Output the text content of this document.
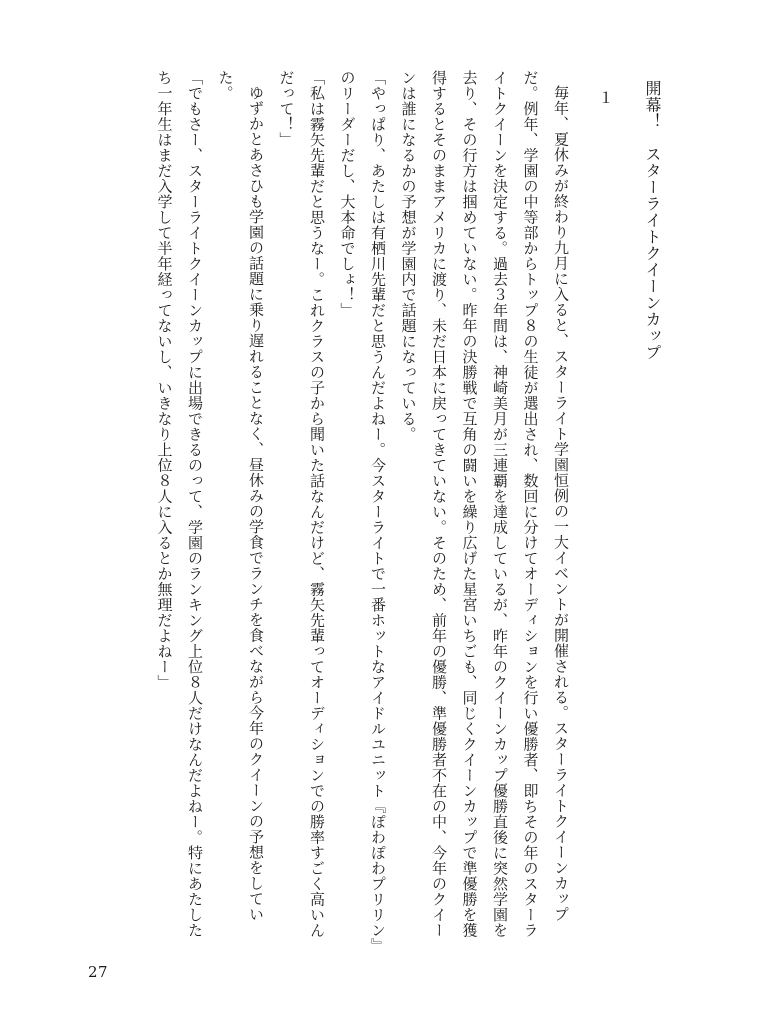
開幕！　スターライトクイーンカップ
１

毎年、夏休みが終わり九月に入ると、スターライト学園恒例の一大イベントが開催される。スターライトクイーンカップだ。例年、学園の中等部からトップ８の生徒が選出され、数回に分けてオーディションを行い優勝者、即ちその年のスターライトクイーンを決定する。過去３年間は、神崎美月が三連覇を達成しているが、昨年のクイーンカップ優勝直後に突然学園を去り、その行方は掴めていない。昨年の決勝戦で互角の闘いを繰り広げた星宮いちごも、同じくクイーンカップで準優勝を獲得するとそのままアメリカに渡り、未だ日本に戻ってきていない。そのため、前年の優勝、準優勝者不在の中、今年のクイーンは誰になるかの予想が学園内で話題になっている。

「やっぱり、あたしは有栖川先輩だと思うんだよねー。今スターライトで一番ホットなアイドルユニット『ぽわぽわプリリン』のリーダーだし、大本命でしょ！」

「私は霧矢先輩だと思うなー。これクラスの子から聞いた話なんだけど、霧矢先輩ってオーディションでの勝率すごく高いんだって！」

ゆずかとあさひも学園の話題に乗り遅れることなく、昼休みの学食でランチを食べながら今年のクイーンの予想をしていた。

「でもさー、スターライトクイーンカップに出場できるのって、学園のランキング上位８人だけなんだよねー。特にあたしたち一年生はまだ入学して半年経ってないし、いきなり上位８人に入るとか無理だよねー」

27
